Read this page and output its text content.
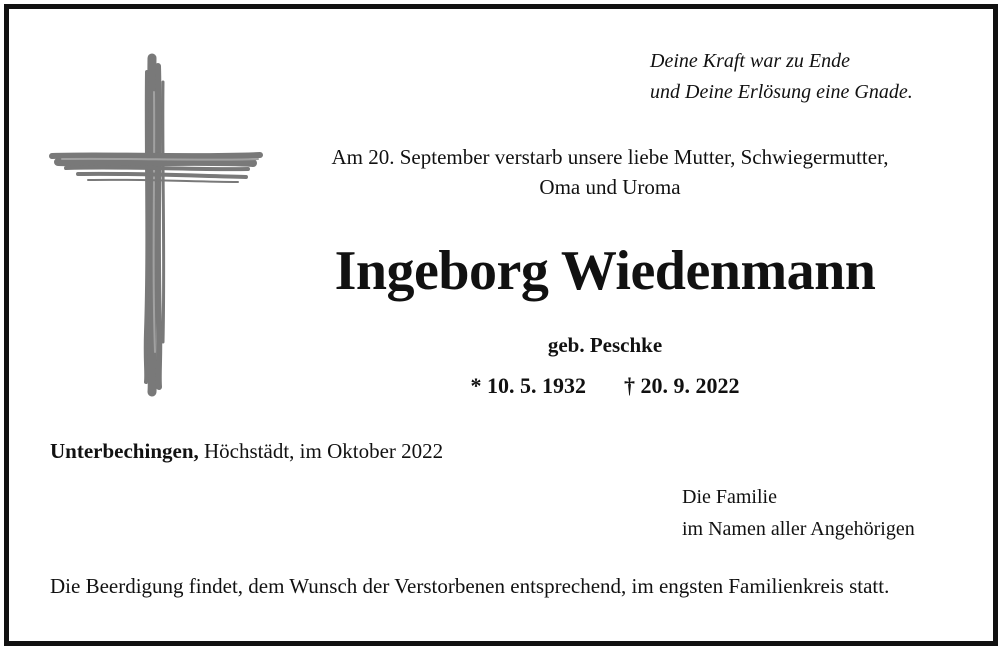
Deine Kraft war zu Ende
und Deine Erlösung eine Gnade.
Am 20. September verstarb unsere liebe Mutter, Schwiegermutter,
Oma und Uroma
Ingeborg Wiedenmann
geb. Peschke
* 10. 5. 1932 † 20. 9. 2022
Unterbechingen, Höchstädt, im Oktober 2022
Die Familie
im Namen aller Angehörigen
Die Beerdigung findet, dem Wunsch der Verstorbenen entsprechend, im engsten Familienkreis statt.
